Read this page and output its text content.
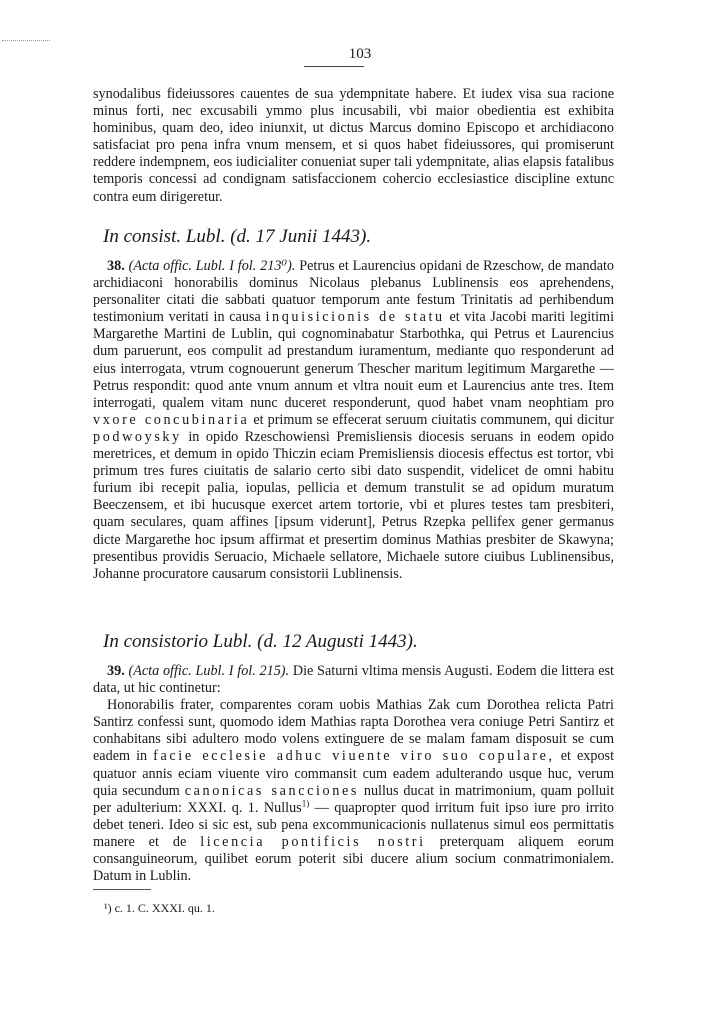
103

synodalibus fideiussores cauentes de sua ydempnitate habere. Et iudex visa sua racione minus forti, nec excusabili ymmo plus incusabili, vbi maior obedientia est exhibita hominibus, quam deo, ideo iniunxit, ut dictus Marcus domino Episcopo et archidiacono satisfaciat pro pena infra vnum mensem, et si quos habet fideiussores, qui promiserunt reddere indempnem, eos iudicialiter conueniat super tali ydempnitate, alias elapsis fatalibus temporis concessi ad condignam satisfaccionem cohercio ecclesiastice discipline extunc contra eum dirigeretur.

In consist. Lubl. (d. 17 Junii 1443).

38. (Acta offic. Lubl. I fol. 213⁰). Petrus et Laurencius opidani de Rzeschow, de mandato archidiaconi honorabilis dominus Nicolaus plebanus Lublinensis eos aprehendens, personaliter citati die sabbati quatuor temporum ante festum Trinitatis ad perhibendum testimonium veritati in causa inquisicionis de statu et vita Jacobi mariti legitimi Margarethe Martini de Lublin, qui cognominabatur Starbothka, qui Petrus et Laurencius dum paruerunt, eos compulit ad prestandum iuramentum, mediante quo responderunt ad eius interrogata, vtrum cognouerunt generum Thescher maritum legitimum Margarethe — Petrus respondit: quod ante vnum annum et vltra nouit eum et Laurencius ante tres. Item interrogati, qualem vitam nunc duceret responderunt, quod habet vnam neophtiam pro vxore concubinaria et primum se effecerat seruum ciuitatis communem, qui dicitur podwoysky in opido Rzeschowiensi Premisliensis diocesis seruans in eodem opido meretrices, et demum in opido Thiczin eciam Premisliensis diocesis effectus est tortor, vbi primum tres fures ciuitatis de salario certo sibi dato suspendit, videlicet de omni habitu furium ibi recepit palia, iopulas, pellicia et demum transtulit se ad opidum muratum Beeczensem, et ibi hucusque exercet artem tortorie, vbi et plures testes tam presbiteri, quam seculares, quam affines [ipsum viderunt], Petrus Rzepka pellifex gener germanus dicte Margarethe hoc ipsum affirmat et presertim dominus Mathias presbiter de Skawyna; presentibus providis Seruacio, Michaele sellatore, Michaele sutore ciuibus Lublinensibus, Johanne procuratore causarum consistorii Lublinensis.

In consistorio Lubl. (d. 12 Augusti 1443).

39. (Acta offic. Lubl. I fol. 215). Die Saturni vltima mensis Augusti. Eodem die littera est data, ut hic continetur:

Honorabilis frater, comparentes coram uobis Mathias Zak cum Dorothea relicta Patri Santirz confessi sunt, quomodo idem Mathias rapta Dorothea vera coniuge Petri Santirz et conhabitans sibi adultero modo volens extinguere de se malam famam disposuit se cum eadem in facie ecclesie adhuc viuente viro suo copulare, et expost quatuor annis eciam viuente viro commansit cum eadem adulterando usque huc, verum quia secundum canonicas sancciones nullus ducat in matrimonium, quam polluit per adulterium: XXXI. q. 1. Nullus$^{1)}$ — quapropter quod irritum fuit ipso iure pro irrito debet teneri. Ideo si sic est, sub pena excommunicacionis nullatenus simul eos permittatis manere et de licencia pontificis nostri preterquam aliquem eorum consanguineorum, quilibet eorum poterit sibi ducere alium socium conmatrimonialem. Datum in Lublin.

¹) c. 1. C. XXXI. qu. 1.
